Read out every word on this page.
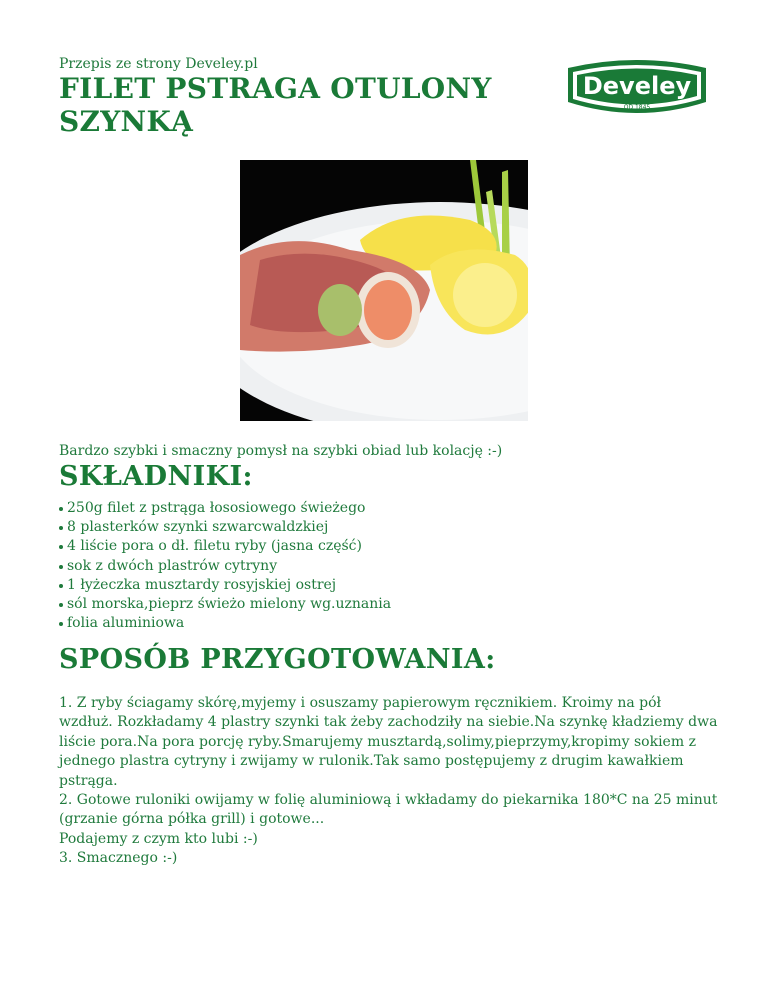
Przepis ze strony Develey.pl
FILET PSTRAGA OTULONY SZYNKĄ
Develey
OD 1845
Bardzo szybki i smaczny pomysł na szybki obiad lub kolację :-)
SKŁADNIKI:
250g filet z pstrąga łososiowego świeżego
8 plasterków szynki szwarcwaldzkiej
4 liście pora o dł. filetu ryby (jasna część)
sok z dwóch plastrów cytryny
1 łyżeczka musztardy rosyjskiej ostrej
sól morska,pieprz świeżo mielony wg.uznania
folia aluminiowa
SPOSÓB PRZYGOTOWANIA:

1. Z ryby ściagamy skórę,myjemy i osuszamy papierowym ręcznikiem. Kroimy na pół wzdłuż. Rozkładamy 4 plastry szynki tak żeby zachodziły na siebie.Na szynkę kładziemy dwa liście pora.Na pora porcję ryby.Smarujemy musztardą,solimy,pieprzymy,kropimy sokiem z jednego plastra cytryny i zwijamy w rulonik.Tak samo postępujemy z drugim kawałkiem pstrąga.

2. Gotowe ruloniki owijamy w folię aluminiową i wkładamy do piekarnika 180*C na 25 minut (grzanie górna półka grill) i gotowe...

Podajemy z czym kto lubi :-)

3. Smacznego :-)
